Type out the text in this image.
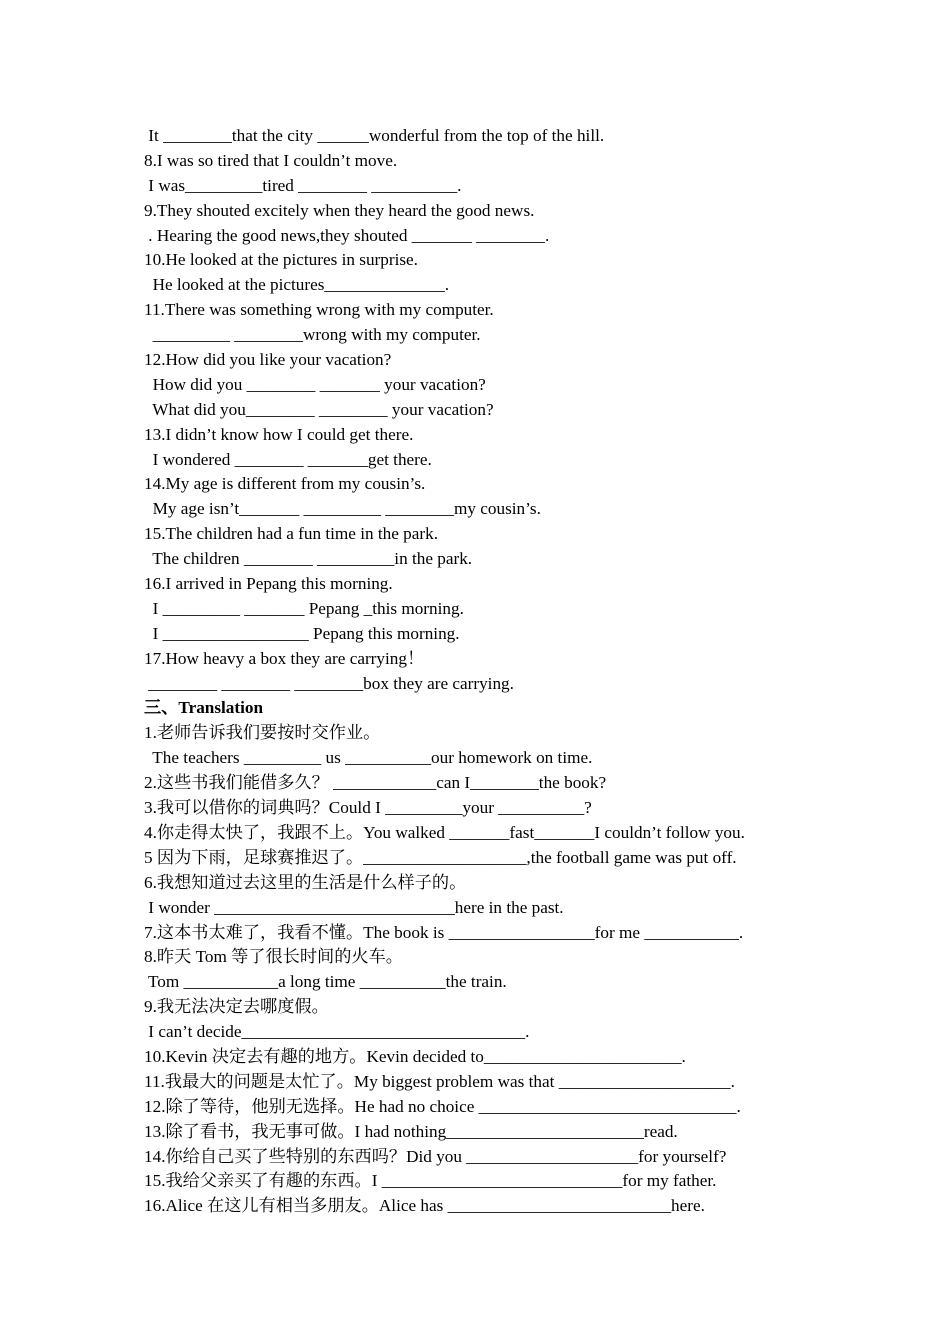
It ________that the city ______wonderful from the top of the hill.
8.I was so tired that I couldn’t move.
I was_________tired ________ __________.
9.They shouted excitely when they heard the good news.
. Hearing the good news,they shouted _______ ________.
10.He looked at the pictures in surprise.
He looked at the pictures______________.
11.There was something wrong with my computer.
_________ ________wrong with my computer.
12.How did you like your vacation?
How did you ________ _______ your vacation?
What did you________ ________ your vacation?
13.I didn’t know how I could get there.
I wondered ________ _______get there.
14.My age is different from my cousin’s.
My age isn’t_______ _________ ________my cousin’s.
15.The children had a fun time in the park.
The children ________ _________in the park.
16.I arrived in Pepang this morning.
I _________ _______ Pepang _this morning.
I _________________ Pepang this morning.
17.How heavy a box they are carrying！
________ ________ ________box they are carrying.
三、Translation
1.老师告诉我们要按时交作业。
The teachers _________ us __________our homework on time.
2.这些书我们能借多久？ ____________can I________the book?
3.我可以借你的词典吗？Could I _________your __________?
4.你走得太快了，我跟不上。You walked _______fast_______I couldn’t follow you.
5 因为下雨，足球赛推迟了。___________________,the football game was put off.
6.我想知道过去这里的生活是什么样子的。
I wonder ____________________________here in the past.
7.这本书太难了，我看不懂。The book is _________________for me ___________.
8.昨天 Tom 等了很长时间的火车。
Tom ___________a long time __________the train.
9.我无法决定去哪度假。
I can’t decide_________________________________.
10.Kevin 决定去有趣的地方。Kevin decided to_______________________.
11.我最大的问题是太忙了。My biggest problem was that ____________________.
12.除了等待，他别无选择。He had no choice ______________________________.
13.除了看书，我无事可做。I had nothing_______________________read.
14.你给自己买了些特别的东西吗？Did you ____________________for yourself?
15.我给父亲买了有趣的东西。I ____________________________for my father.
16.Alice 在这儿有相当多朋友。Alice has __________________________here.
